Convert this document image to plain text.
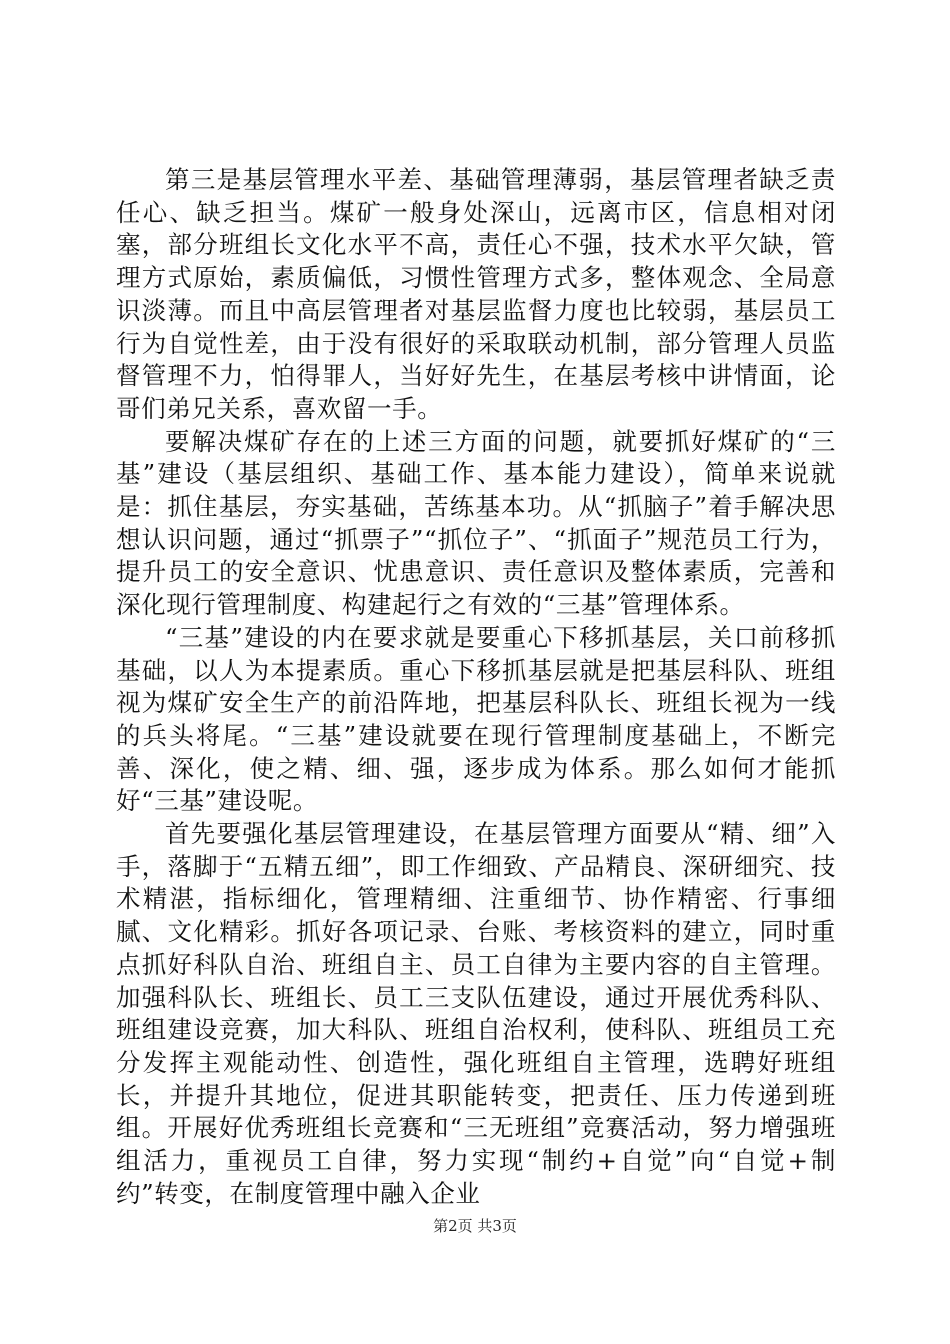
第三是基层管理水平差、基础管理薄弱，基层管理者缺乏责任心、缺乏担当。煤矿一般身处深山，远离市区，信息相对闭塞，部分班组长文化水平不高，责任心不强，技术水平欠缺，管理方式原始，素质偏低，习惯性管理方式多，整体观念、全局意识淡薄。而且中高层管理者对基层监督力度也比较弱，基层员工行为自觉性差，由于没有很好的采取联动机制，部分管理人员监督管理不力，怕得罪人，当好好先生，在基层考核中讲情面，论哥们弟兄关系，喜欢留一手。

要解决煤矿存在的上述三方面的问题，就要抓好煤矿的“三基”建设（基层组织、基础工作、基本能力建设），简单来说就是：抓住基层，夯实基础，苦练基本功。从“抓脑子”着手解决思想认识问题，通过“抓票子”“抓位子”、“抓面子”规范员工行为，提升员工的安全意识、忧患意识、责任意识及整体素质，完善和深化现行管理制度、构建起行之有效的“三基”管理体系。

“三基”建设的内在要求就是要重心下移抓基层，关口前移抓基础，以人为本提素质。重心下移抓基层就是把基层科队、班组视为煤矿安全生产的前沿阵地，把基层科队长、班组长视为一线的兵头将尾。“三基”建设就要在现行管理制度基础上，不断完善、深化，使之精、细、强，逐步成为体系。那么如何才能抓好“三基”建设呢。

首先要强化基层管理建设，在基层管理方面要从“精、细”入手，落脚于“五精五细”，即工作细致、产品精良、深研细究、技术精湛，指标细化，管理精细、注重细节、协作精密、行事细腻、文化精彩。抓好各项记录、台账、考核资料的建立，同时重点抓好科队自治、班组自主、员工自律为主要内容的自主管理。加强科队长、班组长、员工三支队伍建设，通过开展优秀科队、班组建设竞赛，加大科队、班组自治权利，使科队、班组员工充分发挥主观能动性、创造性，强化班组自主管理，选聘好班组长，并提升其地位，促进其职能转变，把责任、压力传递到班组。开展好优秀班组长竞赛和“三无班组”竞赛活动，努力增强班组活力，重视员工自律，努力实现“制约+自觉”向“自觉+制约”转变，在制度管理中融入企业

第2页 共3页
